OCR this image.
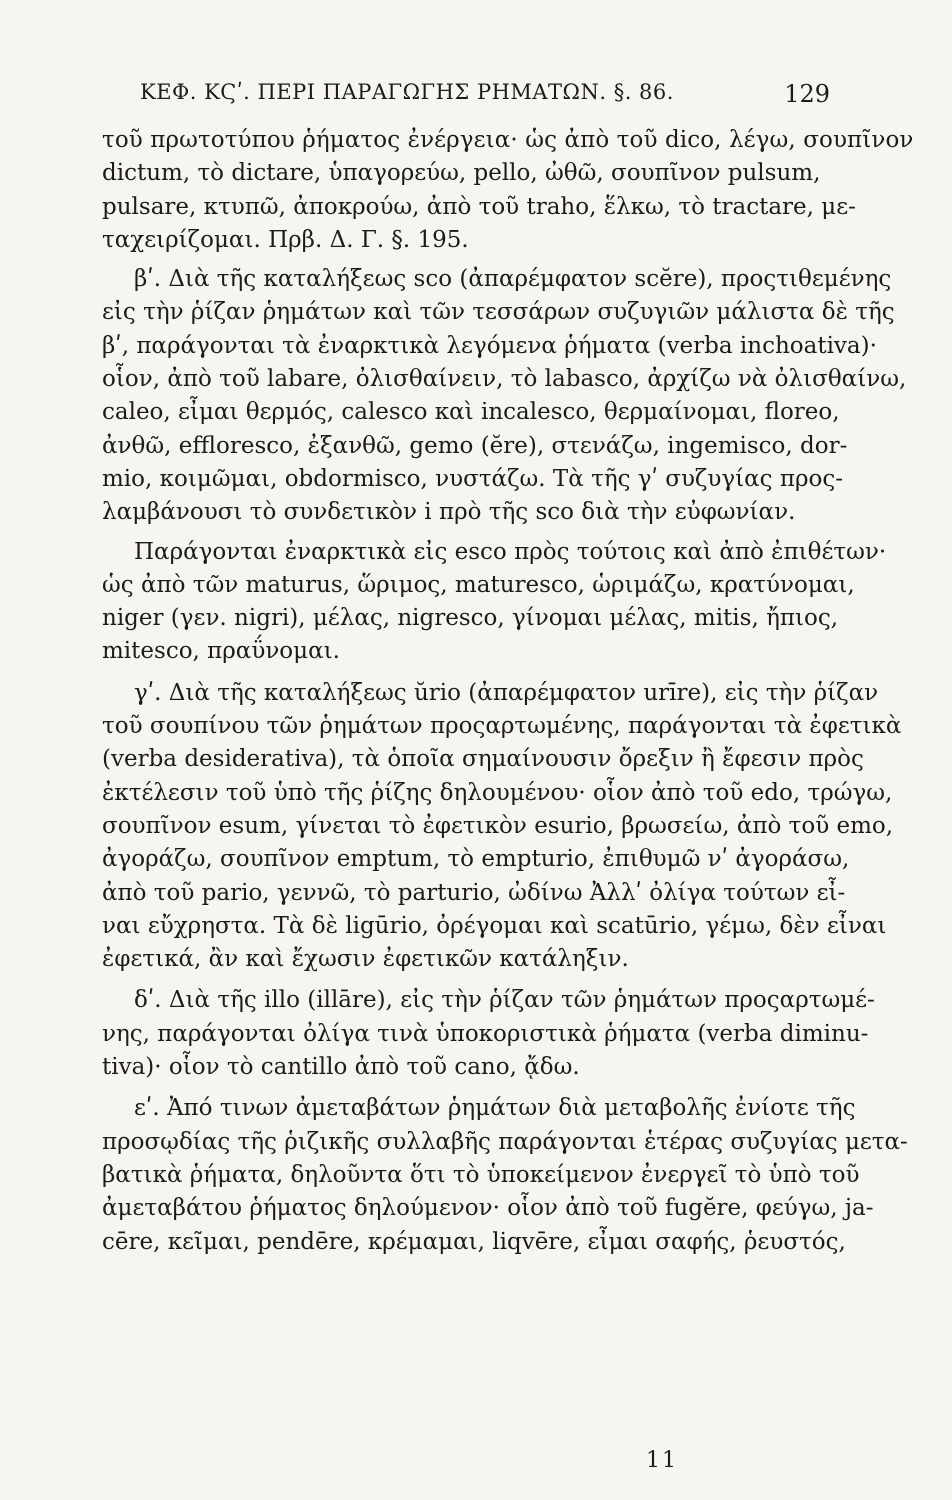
ΚΕΦ. ΚϚʹ. ΠΕΡΙ ΠΑΡΑΓΩΓΗΣ ΡΗΜΑΤΩΝ. §. 86.	129
τοῦ πρωτοτύπου ῥήματος ἐνέργεια· ὡς ἀπὸ τοῦ dico, λέγω, σουπῖνον
dictum, τὸ dictare, ὑπαγορεύω, pello, ὠθῶ, σουπῖνον pulsum,
pulsare, κτυπῶ, ἀποκρούω, ἀπὸ τοῦ traho, ἕλκω, τὸ tractare, με-
ταχειρίζομαι. Πρβ. Δ. Γ. §. 195.
βʹ. Διὰ τῆς καταλήξεως sco (ἀπαρέμφατον scĕre), προςτιθεμένης
εἰς τὴν ῥίζαν ῥημάτων καὶ τῶν τεσσάρων συζυγιῶν μάλιστα δὲ τῆς
βʹ, παράγονται τὰ ἐναρκτικὰ λεγόμενα ῥήματα (verba inchoativa)·
οἷον, ἀπὸ τοῦ labare, ὀλισθαίνειν, τὸ labasco, ἀρχίζω νὰ ὀλισθαίνω,
caleo, εἶμαι θερμός, calesco καὶ incalesco, θερμαίνομαι, floreo,
ἀνθῶ, effloresco, ἐξανθῶ, gemo (ĕre), στενάζω, ingemisco, dor-
mio, κοιμῶμαι, obdormisco, νυστάζω. Τὰ τῆς γʹ συζυγίας προς-
λαμβάνουσι τὸ συνδετικὸν i πρὸ τῆς sco διὰ τὴν εὐφωνίαν.
Παράγονται ἐναρκτικὰ εἰς esco πρὸς τούτοις καὶ ἀπὸ ἐπιθέτων·
ὡς ἀπὸ τῶν maturus, ὥριμος, maturesco, ὡριμάζω, κρατύνομαι,
niger (γεν. nigri), μέλας, nigresco, γίνομαι μέλας, mitis, ἤπιος,
mitesco, πραΰνομαι.
γʹ. Διὰ τῆς καταλήξεως ŭrio (ἀπαρέμφατον urīre), εἰς τὴν ῥίζαν
τοῦ σουπίνου τῶν ῥημάτων προςαρτωμένης, παράγονται τὰ ἐφετικὰ
(verba desiderativa), τὰ ὁποῖα σημαίνουσιν ὄρεξιν ἢ ἔφεσιν πρὸς
ἐκτέλεσιν τοῦ ὑπὸ τῆς ῥίζης δηλουμένου· οἷον ἀπὸ τοῦ edo, τρώγω,
σουπῖνον esum, γίνεται τὸ ἐφετικὸν esurio, βρωσείω, ἀπὸ τοῦ emo,
ἀγοράζω, σουπῖνον emptum, τὸ empturio, ἐπιθυμῶ νʹ ἀγοράσω,
ἀπὸ τοῦ pario, γεννῶ, τὸ parturio, ὠδίνω Ἀλλʹ ὀλίγα τούτων εἶ-
ναι εὔχρηστα. Τὰ δὲ ligūrio, ὀρέγομαι καὶ scatūrio, γέμω, δὲν εἶναι
ἐφετικά, ἂν καὶ ἔχωσιν ἐφετικῶν κατάληξιν.
δʹ. Διὰ τῆς illo (illāre), εἰς τὴν ῥίζαν τῶν ῥημάτων προςαρτωμέ-
νης, παράγονται ὀλίγα τινὰ ὑποκοριστικὰ ῥήματα (verba diminu-
tiva)· οἷον τὸ cantillo ἀπὸ τοῦ cano, ᾄδω.
εʹ. Ἀπό τινων ἀμεταβάτων ῥημάτων διὰ μεταβολῆς ἐνίοτε τῆς
προσῳδίας τῆς ῥιζικῆς συλλαβῆς παράγονται ἑτέρας συζυγίας μετα-
βατικὰ ῥήματα, δηλοῦντα ὅτι τὸ ὑποκείμενον ἐνεργεῖ τὸ ὑπὸ τοῦ
ἀμεταβάτου ῥήματος δηλούμενον· οἷον ἀπὸ τοῦ fugĕre, φεύγω, ja-
cēre, κεῖμαι, pendēre, κρέμαμαι, liqvēre, εἶμαι σαφής, ῥευστός,
11
